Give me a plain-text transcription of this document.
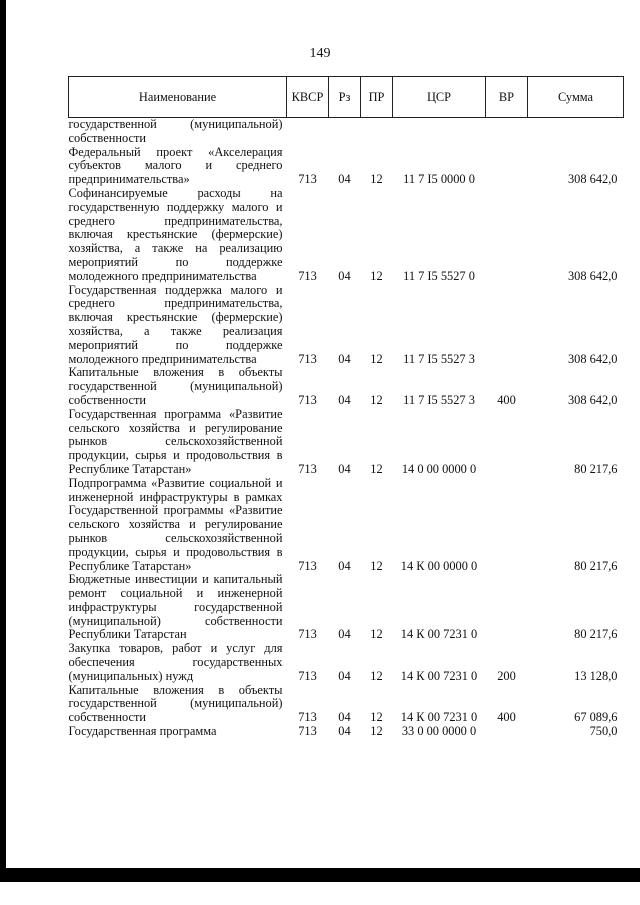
149
Наименование	КВСР	Рз	ПР	ЦСР	ВР	Сумма
государственной (муниципальной) собственности						
Федеральный проект «Акселерация субъектов малого и среднего предпринимательства»	713	04	12	11 7 I5 0000 0		308 642,0
Софинансируемые расходы на государственную поддержку малого и среднего предпринимательства, включая крестьянские (фермерские) хозяйства, а также на реализацию мероприятий по поддержке молодежного предпринимательства	713	04	12	11 7 I5 5527 0		308 642,0
Государственная поддержка малого и среднего предпринимательства, включая крестьянские (фермерские) хозяйства, а также реализация мероприятий по поддержке молодежного предпринимательства	713	04	12	11 7 I5 5527 3		308 642,0
Капитальные вложения в объекты государственной (муниципальной) собственности	713	04	12	11 7 I5 5527 3	400	308 642,0
Государственная программа «Развитие сельского хозяйства и регулирование рынков сельскохозяйственной продукции, сырья и продовольствия в Республике Татарстан»	713	04	12	14 0 00 0000 0		80 217,6
Подпрограмма «Развитие социальной и инженерной инфраструктуры в рамках Государственной программы «Развитие сельского хозяйства и регулирование рынков сельскохозяйственной продукции, сырья и продовольствия в Республике Татарстан»	713	04	12	14 К 00 0000 0		80 217,6
Бюджетные инвестиции и капитальный ремонт социальной и инженерной инфраструктуры государственной (муниципальной) собственности Республики Татарстан	713	04	12	14 К 00 7231 0		80 217,6
Закупка товаров, работ и услуг для обеспечения государственных (муниципальных) нужд	713	04	12	14 К 00 7231 0	200	13 128,0
Капитальные вложения в объекты государственной (муниципальной) собственности	713	04	12	14 К 00 7231 0	400	67 089,6
Государственная программа	713	04	12	33 0 00 0000 0		750,0
